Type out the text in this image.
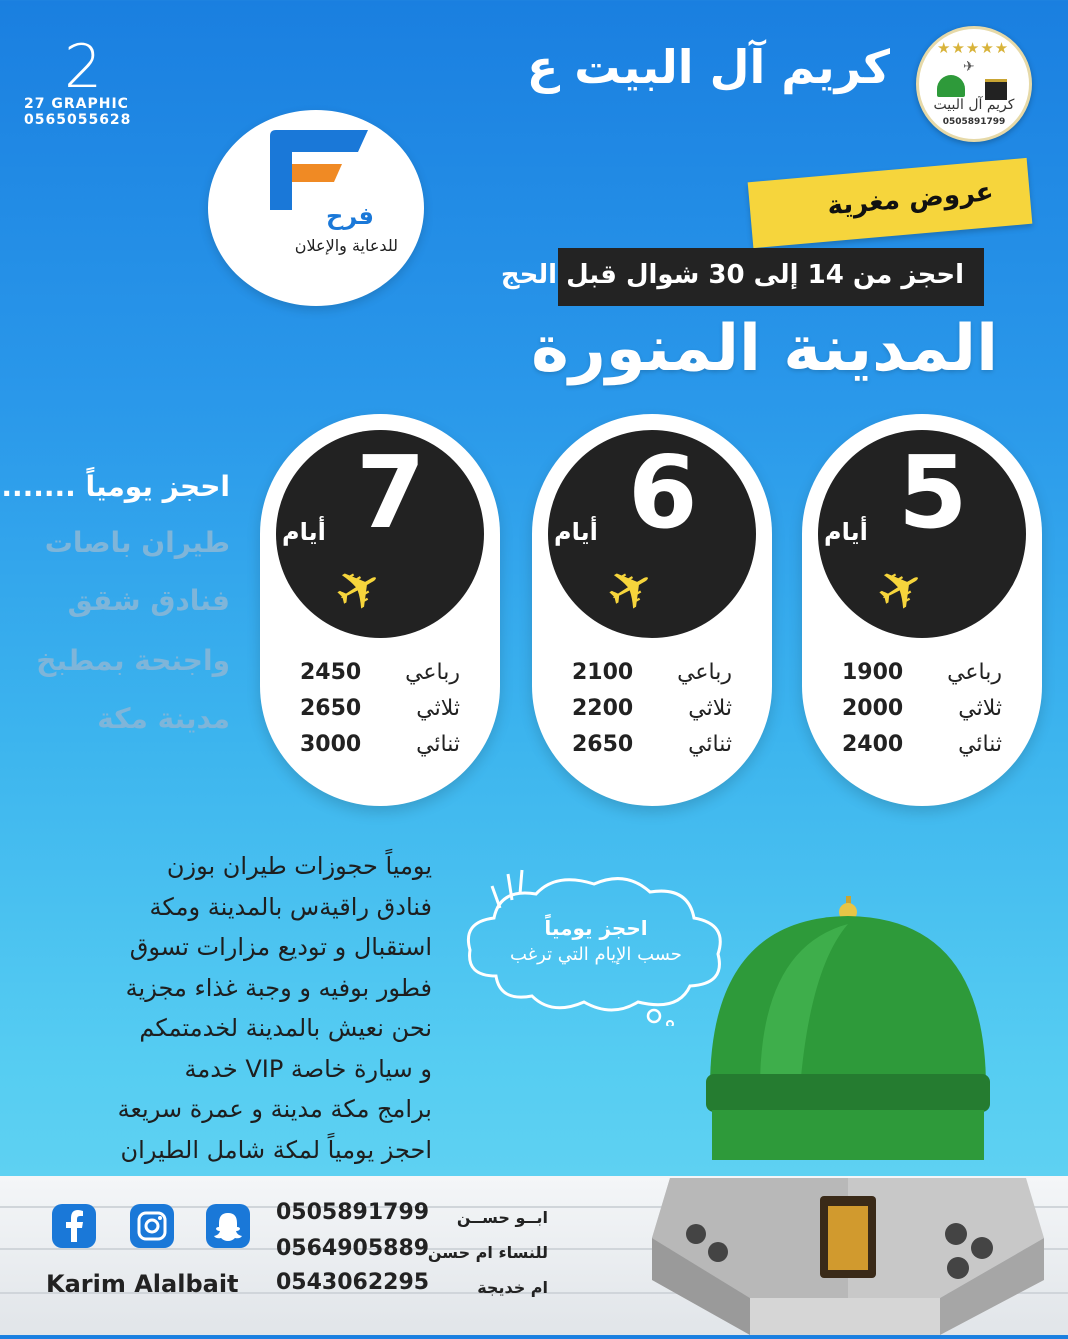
كريم آل البيت ع	★★★★★
✈
كريم آل البيت
0505891799
2
27 GRAPHIC
0565055628
فرح
للدعاية والإعلان
عروض مغرية
احجز من 14 إلى 30 شوال قبل الحج
المدينة المنورة
5
أيام
✈
1900 رباعي
2000	ثلاثي
2400 ثنائي
6
أيام
✈
2100 رباعي
2200	ثلاثي
2650 ثنائي
7
أيام
✈
2450 رباعي
2650	ثلاثي
3000 ثنائي
احجز يومياً .......
طيران باصات
فنادق شقق
واجنحة بمطبخ
مدينة مكة
يومياً حجوزات طيران بوزن
فنادق راقيةس بالمدينة ومكة
استقبال و توديع مزارات تسوق
فطور بوفيه و وجبة غذاء مجزية
نحن نعيش بالمدينة لخدمتمكم
و سيارة خاصة VIP خدمة
برامج مكة مدينة و عمرة سريعة
احجز يومياً لمكة شامل الطيران
احجز يومياً
حسب الإيام التي ترغب
ابــو حســن
0505891799
للنساء ام حسن
0564905889
ام خديجة
0543062295
Karim Alalbait
